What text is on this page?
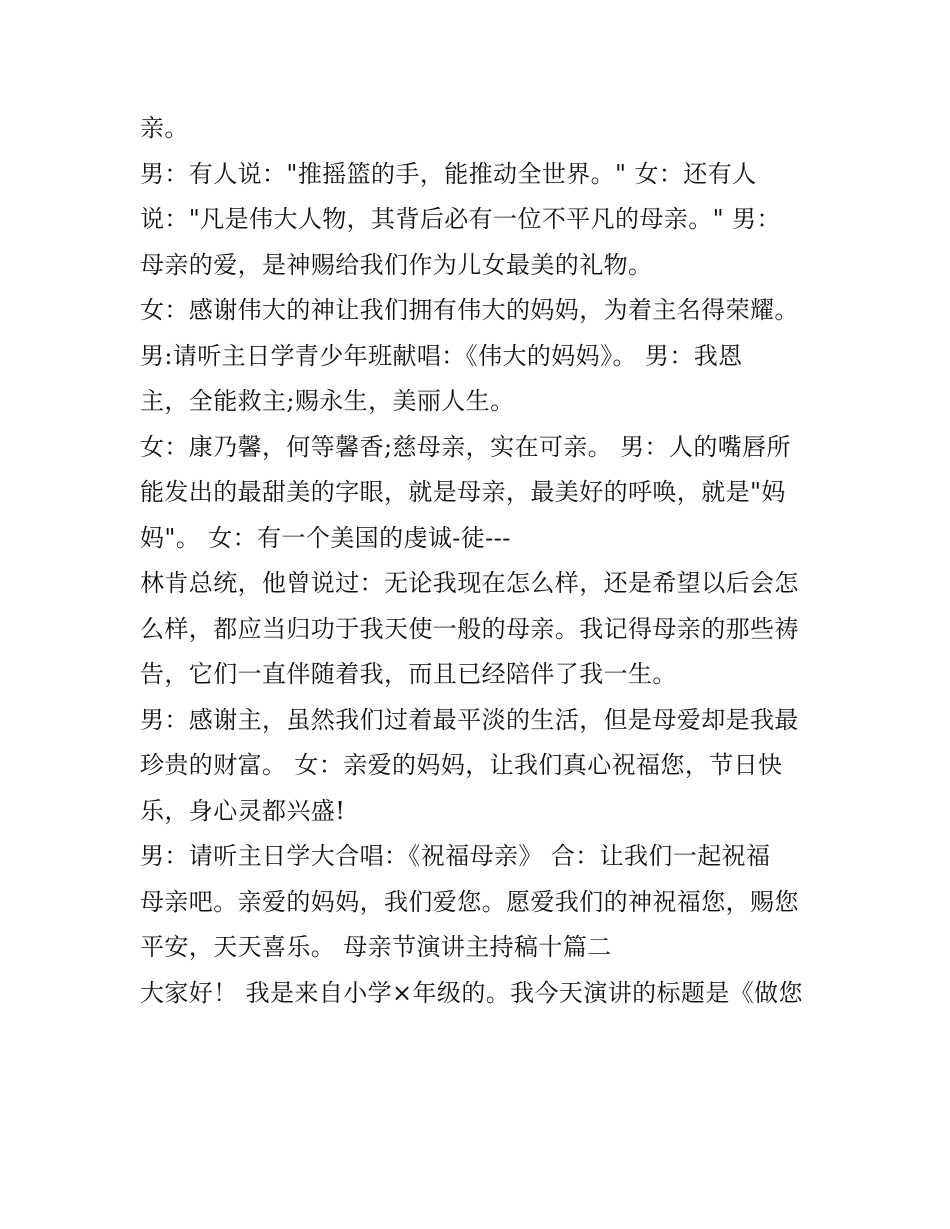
亲。
男：有人说："推摇篮的手，能推动全世界。" 女：还有人
说："凡是伟大人物，其背后必有一位不平凡的母亲。" 男：
母亲的爱，是神赐给我们作为儿女最美的礼物。
女：感谢伟大的神让我们拥有伟大的妈妈，为着主名得荣耀。
男:请听主日学青少年班献唱：《伟大的妈妈》。 男：我恩
主，全能救主;赐永生，美丽人生。
女：康乃馨，何等馨香;慈母亲，实在可亲。 男：人的嘴唇所
能发出的最甜美的字眼，就是母亲，最美好的呼唤，就是"妈
妈"。 女：有一个美国的虔诚-徒---
林肯总统，他曾说过：无论我现在怎么样，还是希望以后会怎
么样，都应当归功于我天使一般的母亲。我记得母亲的那些祷
告，它们一直伴随着我，而且已经陪伴了我一生。
男：感谢主，虽然我们过着最平淡的生活，但是母爱却是我最
珍贵的财富。 女：亲爱的妈妈，让我们真心祝福您，节日快
乐，身心灵都兴盛!
男：请听主日学大合唱：《祝福母亲》 合：让我们一起祝福
母亲吧。亲爱的妈妈，我们爱您。愿爱我们的神祝福您，赐您
平安，天天喜乐。 母亲节演讲主持稿十篇二
大家好！ 我是来自小学×年级的。我今天演讲的标题是《做您
